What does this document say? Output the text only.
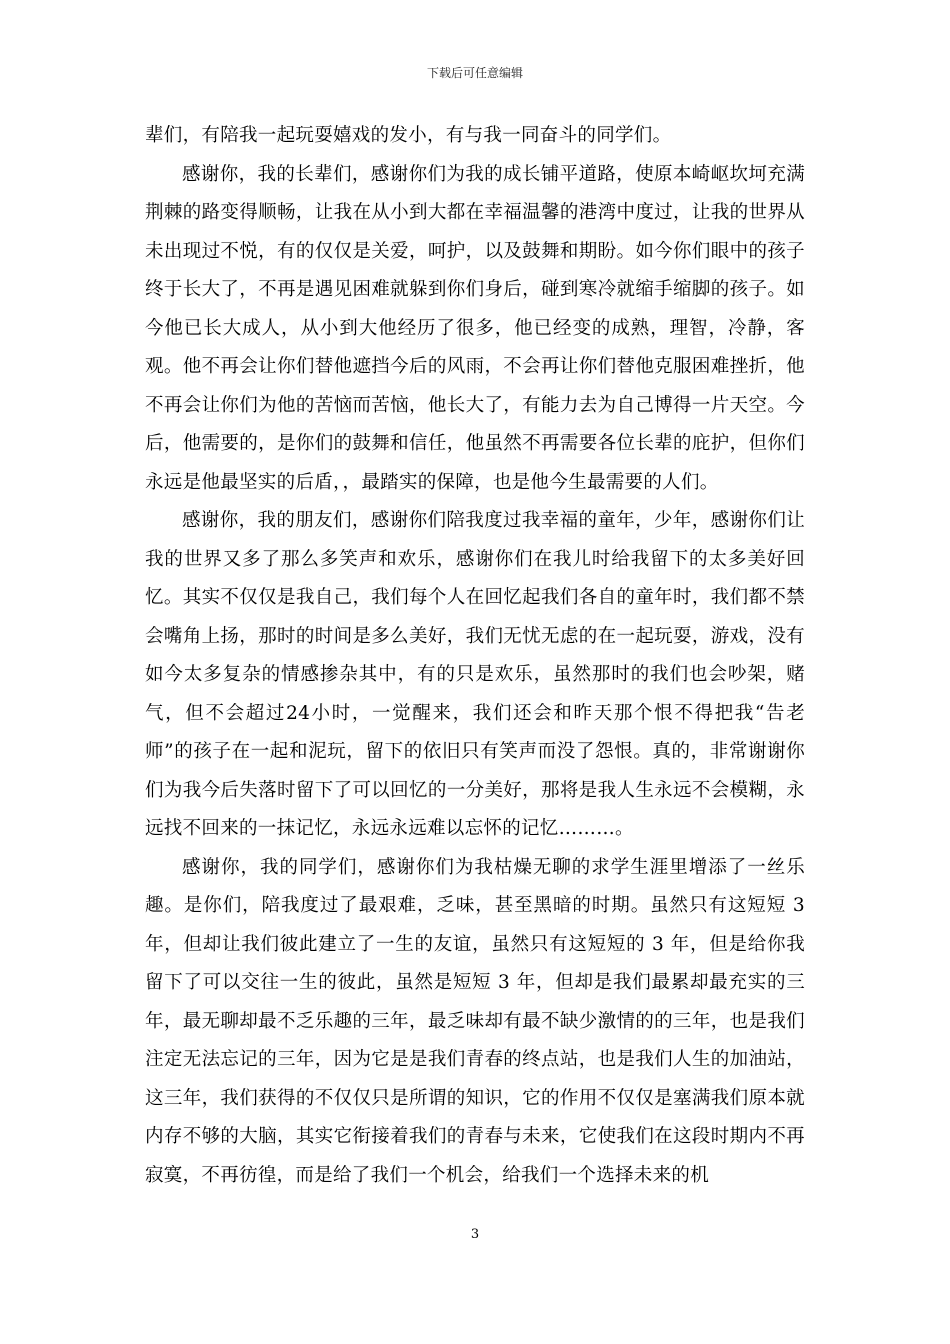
下载后可任意编辑

辈们，有陪我一起玩耍嬉戏的发小，有与我一同奋斗的同学们。

感谢你，我的长辈们，感谢你们为我的成长铺平道路，使原本崎岖坎坷充满荆棘的路变得顺畅，让我在从小到大都在幸福温馨的港湾中度过，让我的世界从未出现过不悦，有的仅仅是关爱，呵护，以及鼓舞和期盼。如今你们眼中的孩子终于长大了，不再是遇见困难就躲到你们身后，碰到寒冷就缩手缩脚的孩子。如今他已长大成人，从小到大他经历了很多，他已经变的成熟，理智，冷静，客观。他不再会让你们替他遮挡今后的风雨，不会再让你们替他克服困难挫折，他不再会让你们为他的苦恼而苦恼，他长大了，有能力去为自己博得一片天空。今后，他需要的，是你们的鼓舞和信任，他虽然不再需要各位长辈的庇护，但你们永远是他最坚实的后盾，，最踏实的保障，也是他今生最需要的人们。

感谢你，我的朋友们，感谢你们陪我度过我幸福的童年，少年，感谢你们让我的世界又多了那么多笑声和欢乐，感谢你们在我儿时给我留下的太多美好回忆。其实不仅仅是我自己，我们每个人在回忆起我们各自的童年时，我们都不禁会嘴角上扬，那时的时间是多么美好，我们无忧无虑的在一起玩耍，游戏，没有如今太多复杂的情感掺杂其中，有的只是欢乐，虽然那时的我们也会吵架，赌气，但不会超过24小时，一觉醒来，我们还会和昨天那个恨不得把我“告老师”的孩子在一起和泥玩，留下的依旧只有笑声而没了怨恨。真的，非常谢谢你们为我今后失落时留下了可以回忆的一分美好，那将是我人生永远不会模糊，永远找不回来的一抹记忆，永远永远难以忘怀的记忆………。

感谢你，我的同学们，感谢你们为我枯燥无聊的求学生涯里增添了一丝乐趣。是你们，陪我度过了最艰难，乏味，甚至黑暗的时期。虽然只有这短短 3 年，但却让我们彼此建立了一生的友谊，虽然只有这短短的 3 年，但是给你我留下了可以交往一生的彼此，虽然是短短 3 年，但却是我们最累却最充实的三年，最无聊却最不乏乐趣的三年，最乏味却有最不缺少激情的的三年，也是我们注定无法忘记的三年，因为它是是我们青春的终点站，也是我们人生的加油站，这三年，我们获得的不仅仅只是所谓的知识，它的作用不仅仅是塞满我们原本就内存不够的大脑，其实它衔接着我们的青春与未来，它使我们在这段时期内不再寂寞，不再彷徨，而是给了我们一个机会，给我们一个选择未来的机

3
